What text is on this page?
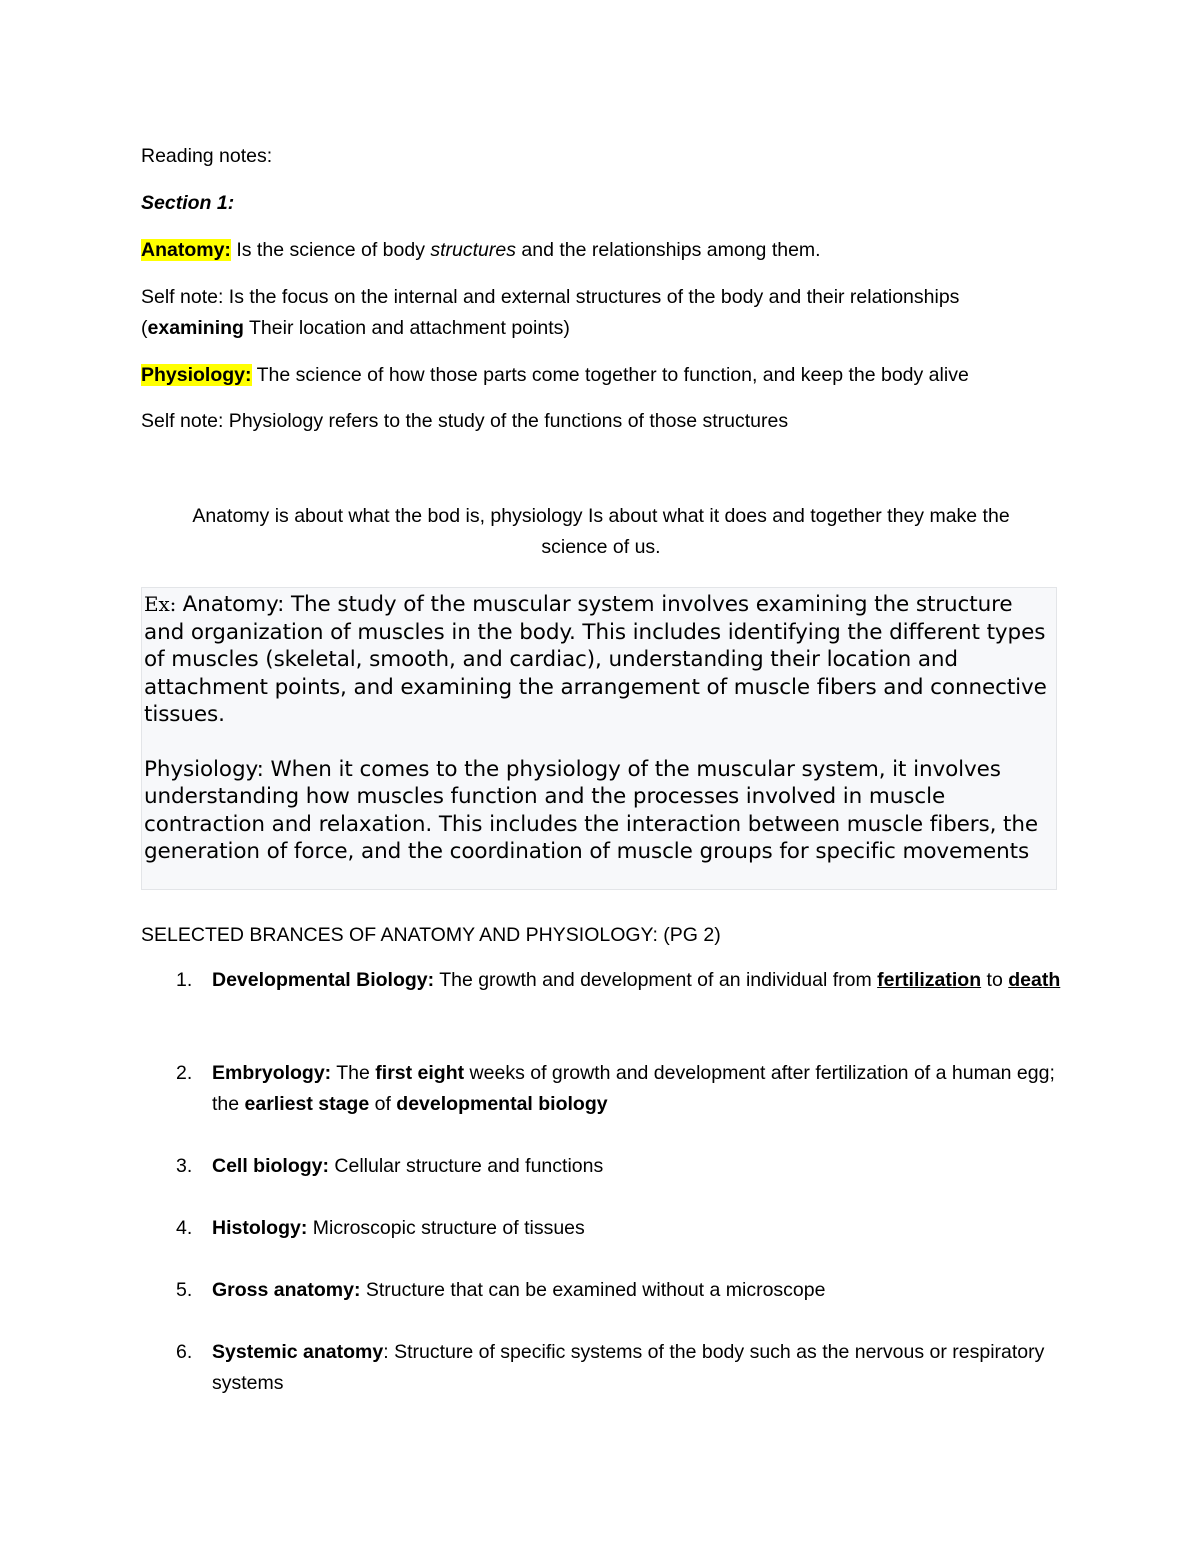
Reading notes:
Section 1:
Anatomy: Is the science of body structures and the relationships among them.
Self note: Is the focus on the internal and external structures of the body and their relationships
(examining Their location and attachment points)
Physiology: The science of how those parts come together to function, and keep the body alive
Self note: Physiology refers to the study of the functions of those structures
Anatomy is about what the bod is, physiology Is about what it does and together they make the
science of us.

Ex: Anatomy: The study of the muscular system involves examining the structure and organization of muscles in the body. This includes identifying the different types of muscles (skeletal, smooth, and cardiac), understanding their location and attachment points, and examining the arrangement of muscle fibers and connective tissues.

Physiology: When it comes to the physiology of the muscular system, it involves understanding how muscles function and the processes involved in muscle contraction and relaxation. This includes the interaction between muscle fibers, the generation of force, and the coordination of muscle groups for specific movements

SELECTED BRANCES OF ANATOMY AND PHYSIOLOGY: (PG 2)
1. Developmental Biology: The growth and development of an individual from fertilization to death
2. Embryology: The first eight weeks of growth and development after fertilization of a human egg; the earliest stage of developmental biology
3. Cell biology: Cellular structure and functions
4. Histology: Microscopic structure of tissues
5. Gross anatomy: Structure that can be examined without a microscope
6. Systemic anatomy: Structure of specific systems of the body such as the nervous or respiratory systems
